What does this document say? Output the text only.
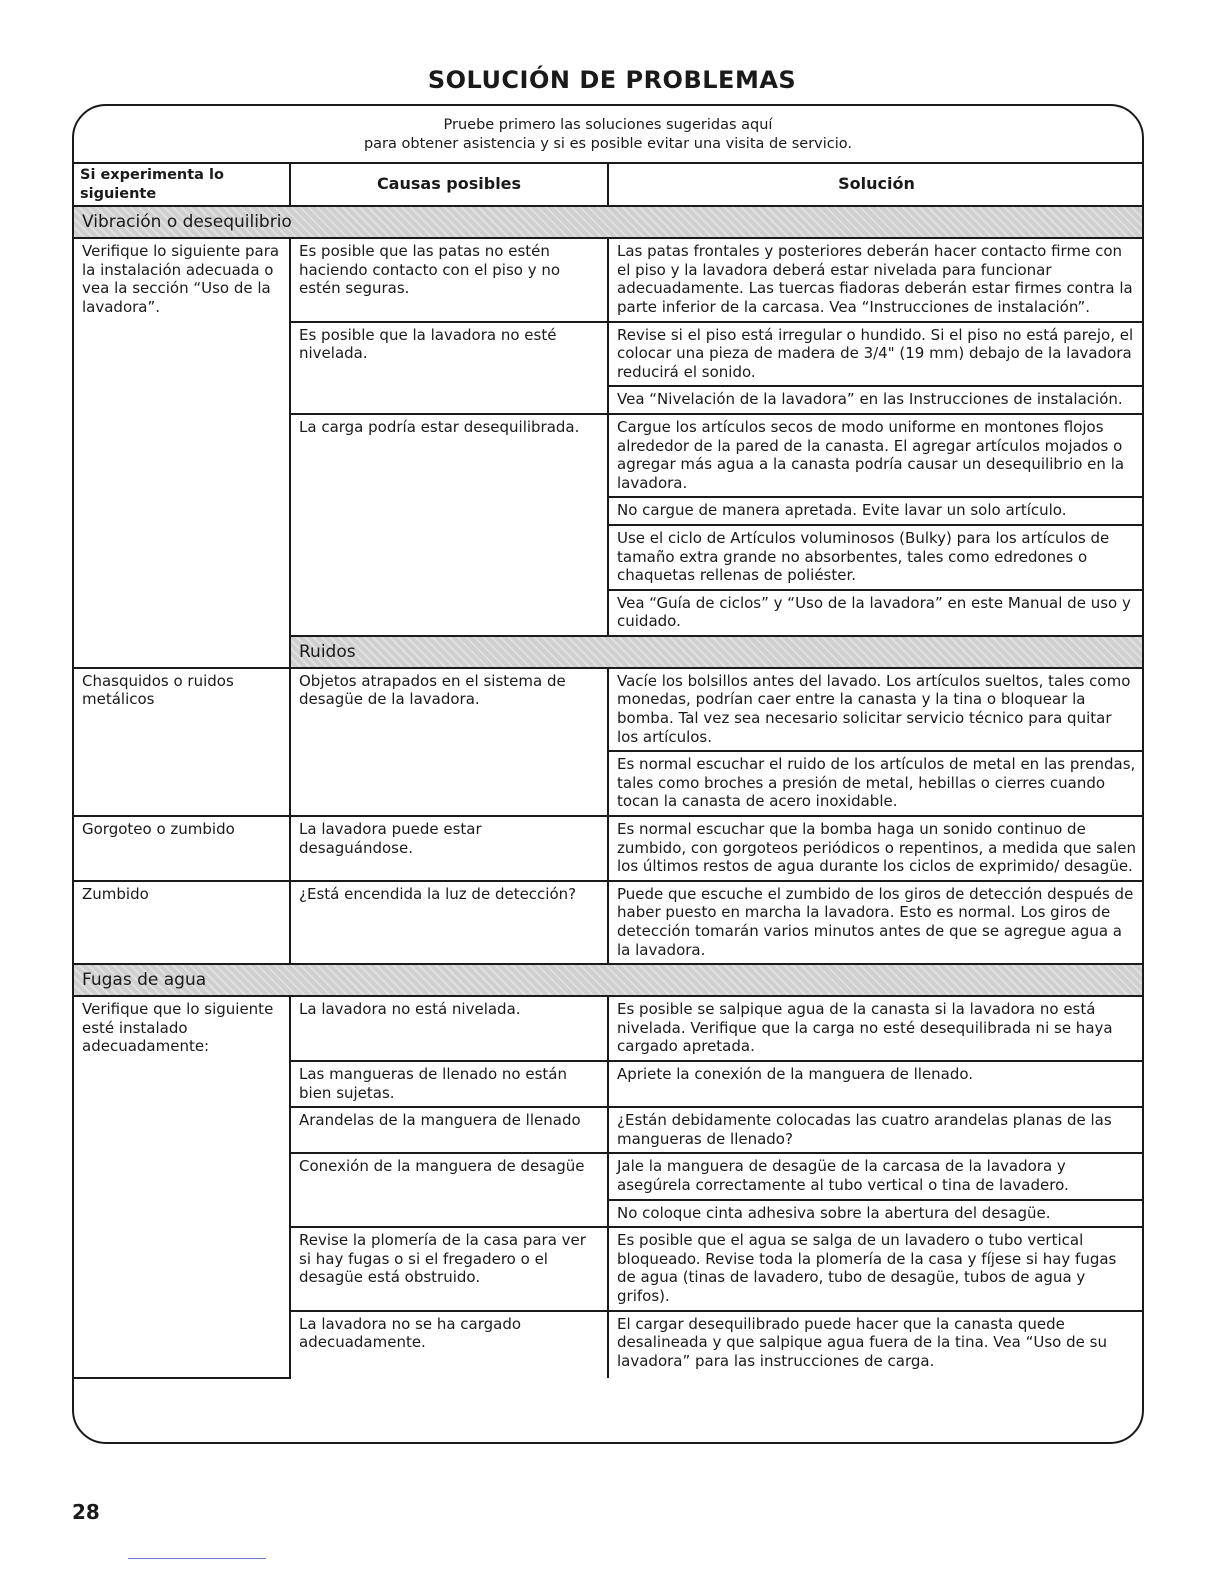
SOLUCIÓN DE PROBLEMAS
Pruebe primero las soluciones sugeridas aquí
para obtener asistencia y si es posible evitar una visita de servicio.
Si experimenta lo siguiente	Causas posibles	Solución
Vibración o desequilibrio		
Verifique lo siguiente para la instalación adecuada o vea la sección “Uso de la lavadora”.	Es posible que las patas no estén haciendo contacto con el piso y no estén seguras.	Las patas frontales y posteriores deberán hacer contacto firme con el piso y la lavadora deberá estar nivelada para funcionar adecuadamente. Las tuercas fiadoras deberán estar firmes contra la parte inferior de la carcasa. Vea “Instrucciones de instalación”.
	Es posible que la lavadora no esté nivelada.	Revise si el piso está irregular o hundido. Si el piso no está parejo, el colocar una pieza de madera de 3/4" (19 mm) debajo de la lavadora reducirá el sonido.
		Vea “Nivelación de la lavadora” en las Instrucciones de instalación.
	La carga podría estar desequilibrada.	Cargue los artículos secos de modo uniforme en montones flojos alrededor de la pared de la canasta. El agregar artículos mojados o agregar más agua a la canasta podría causar un desequilibrio en la lavadora.
		No cargue de manera apretada. Evite lavar un solo artículo.
		Use el ciclo de Artículos voluminosos (Bulky) para los artículos de tamaño extra grande no absorbentes, tales como edredones o chaquetas rellenas de poliéster.
		Vea “Guía de ciclos” y “Uso de la lavadora” en este Manual de uso y cuidado.
	Ruidos	
Chasquidos o ruidos metálicos	Objetos atrapados en el sistema de desagüe de la lavadora.	Vacíe los bolsillos antes del lavado. Los artículos sueltos, tales como monedas, podrían caer entre la canasta y la tina o bloquear la bomba. Tal vez sea necesario solicitar servicio técnico para quitar los artículos.
		Es normal escuchar el ruido de los artículos de metal en las prendas, tales como broches a presión de metal, hebillas o cierres cuando tocan la canasta de acero inoxidable.
Gorgoteo o zumbido	La lavadora puede estar desaguándose.	Es normal escuchar que la bomba haga un sonido continuo de zumbido, con gorgoteos periódicos o repentinos, a medida que salen los últimos restos de agua durante los ciclos de exprimido/ desagüe.
Zumbido	¿Está encendida la luz de detección?	Puede que escuche el zumbido de los giros de detección después de haber puesto en marcha la lavadora. Esto es normal. Los giros de detección tomarán varios minutos antes de que se agregue agua a la lavadora.
Fugas de agua		
Verifique que lo siguiente esté instalado adecuadamente:	La lavadora no está nivelada.	Es posible se salpique agua de la canasta si la lavadora no está nivelada. Verifique que la carga no esté desequilibrada ni se haya cargado apretada.
	Las mangueras de llenado no están bien sujetas.	Apriete la conexión de la manguera de llenado.
	Arandelas de la manguera de llenado	¿Están debidamente colocadas las cuatro arandelas planas de las mangueras de llenado?
	Conexión de la manguera de desagüe	Jale la manguera de desagüe de la carcasa de la lavadora y asegúrela correctamente al tubo vertical o tina de lavadero.
		No coloque cinta adhesiva sobre la abertura del desagüe.
	Revise la plomería de la casa para ver si hay fugas o si el fregadero o el desagüe está obstruido.	Es posible que el agua se salga de un lavadero o tubo vertical bloqueado. Revise toda la plomería de la casa y fíjese si hay fugas de agua (tinas de lavadero, tubo de desagüe, tubos de agua y grifos).
	La lavadora no se ha cargado adecuadamente.	El cargar desequilibrado puede hacer que la canasta quede desalineada y que salpique agua fuera de la tina. Vea “Uso de su lavadora” para las instrucciones de carga.
28
